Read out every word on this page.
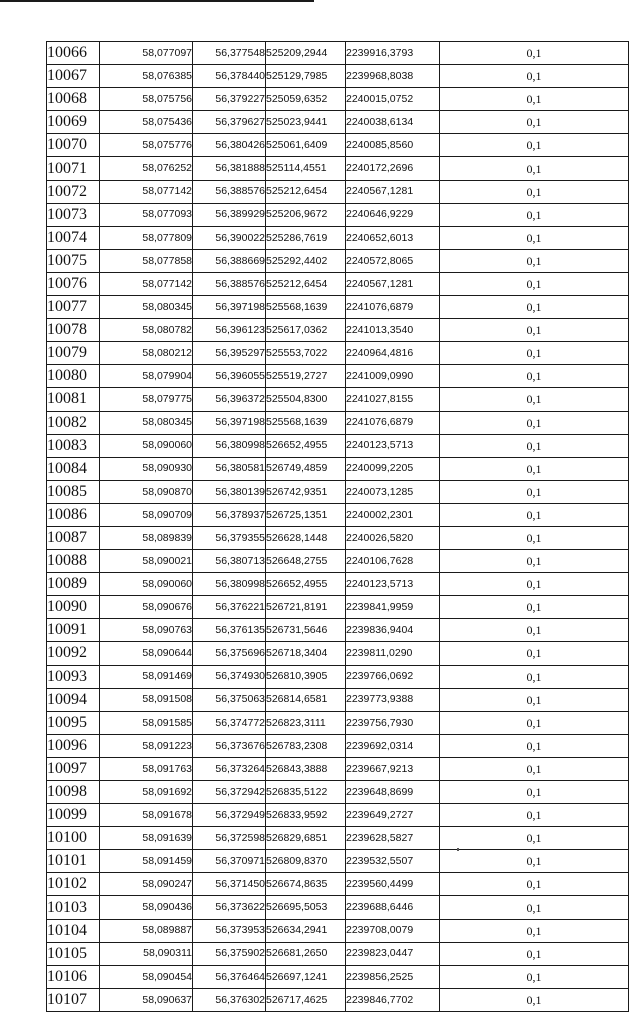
10066	58,077097	56,377548	525209,2944	2239916,3793	0,1
10067	58,076385	56,378440	525129,7985	2239968,8038	0,1
10068	58,075756	56,379227	525059,6352	2240015,0752	0,1
10069	58,075436	56,379627	525023,9441	2240038,6134	0,1
10070	58,075776	56,380426	525061,6409	2240085,8560	0,1
10071	58,076252	56,381888	525114,4551	2240172,2696	0,1
10072	58,077142	56,388576	525212,6454	2240567,1281	0,1
10073	58,077093	56,389929	525206,9672	2240646,9229	0,1
10074	58,077809	56,390022	525286,7619	2240652,6013	0,1
10075	58,077858	56,388669	525292,4402	2240572,8065	0,1
10076	58,077142	56,388576	525212,6454	2240567,1281	0,1
10077	58,080345	56,397198	525568,1639	2241076,6879	0,1
10078	58,080782	56,396123	525617,0362	2241013,3540	0,1
10079	58,080212	56,395297	525553,7022	2240964,4816	0,1
10080	58,079904	56,396055	525519,2727	2241009,0990	0,1
10081	58,079775	56,396372	525504,8300	2241027,8155	0,1
10082	58,080345	56,397198	525568,1639	2241076,6879	0,1
10083	58,090060	56,380998	526652,4955	2240123,5713	0,1
10084	58,090930	56,380581	526749,4859	2240099,2205	0,1
10085	58,090870	56,380139	526742,9351	2240073,1285	0,1
10086	58,090709	56,378937	526725,1351	2240002,2301	0,1
10087	58,089839	56,379355	526628,1448	2240026,5820	0,1
10088	58,090021	56,380713	526648,2755	2240106,7628	0,1
10089	58,090060	56,380998	526652,4955	2240123,5713	0,1
10090	58,090676	56,376221	526721,8191	2239841,9959	0,1
10091	58,090763	56,376135	526731,5646	2239836,9404	0,1
10092	58,090644	56,375696	526718,3404	2239811,0290	0,1
10093	58,091469	56,374930	526810,3905	2239766,0692	0,1
10094	58,091508	56,375063	526814,6581	2239773,9388	0,1
10095	58,091585	56,374772	526823,3111	2239756,7930	0,1
10096	58,091223	56,373676	526783,2308	2239692,0314	0,1
10097	58,091763	56,373264	526843,3888	2239667,9213	0,1
10098	58,091692	56,372942	526835,5122	2239648,8699	0,1
10099	58,091678	56,372949	526833,9592	2239649,2727	0,1
10100	58,091639	56,372598	526829,6851	2239628,5827	0,1
10101	58,091459	56,370971	526809,8370	2239532,5507	0,1
10102	58,090247	56,371450	526674,8635	2239560,4499	0,1
10103	58,090436	56,373622	526695,5053	2239688,6446	0,1
10104	58,089887	56,373953	526634,2941	2239708,0079	0,1
10105	58,090311	56,375902	526681,2650	2239823,0447	0,1
10106	58,090454	56,376464	526697,1241	2239856,2525	0,1
10107	58,090637	56,376302	526717,4625	2239846,7702	0,1
